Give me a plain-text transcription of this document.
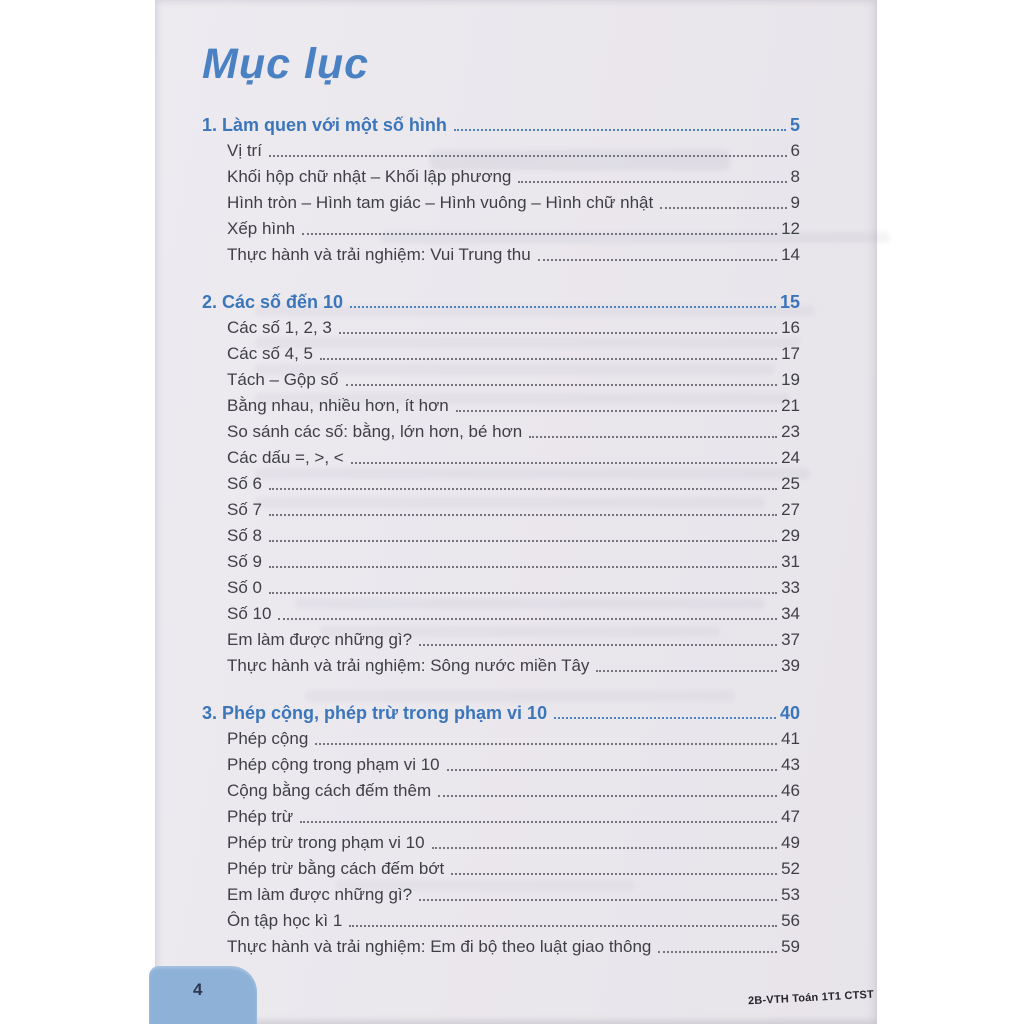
Mục lục
1. Làm quen với một số hình	5
Vị trí	6
Khối hộp chữ nhật – Khối lập phương	8
Hình tròn – Hình tam giác – Hình vuông – Hình chữ nhật	9
Xếp hình	12
Thực hành và trải nghiệm: Vui Trung thu	14
2. Các số đến 10	15
Các số 1, 2, 3	16
Các số 4, 5	17
Tách – Gộp số	19
Bằng nhau, nhiều hơn, ít hơn	21
So sánh các số: bằng, lớn hơn, bé hơn	23
Các dấu =, >, <	24
Số 6	25
Số 7	27
Số 8	29
Số 9	31
Số 0	33
Số 10	34
Em làm được những gì?	37
Thực hành và trải nghiệm: Sông nước miền Tây	39
3. Phép cộng, phép trừ trong phạm vi 10	40
Phép cộng	41
Phép cộng trong phạm vi 10	43
Cộng bằng cách đếm thêm	46
Phép trừ	47
Phép trừ trong phạm vi 10	49
Phép trừ bằng cách đếm bớt	52
Em làm được những gì?	53
Ôn tập học kì 1	56
Thực hành và trải nghiệm: Em đi bộ theo luật giao thông	59
4	2B-VTH Toán 1T1 CTST
